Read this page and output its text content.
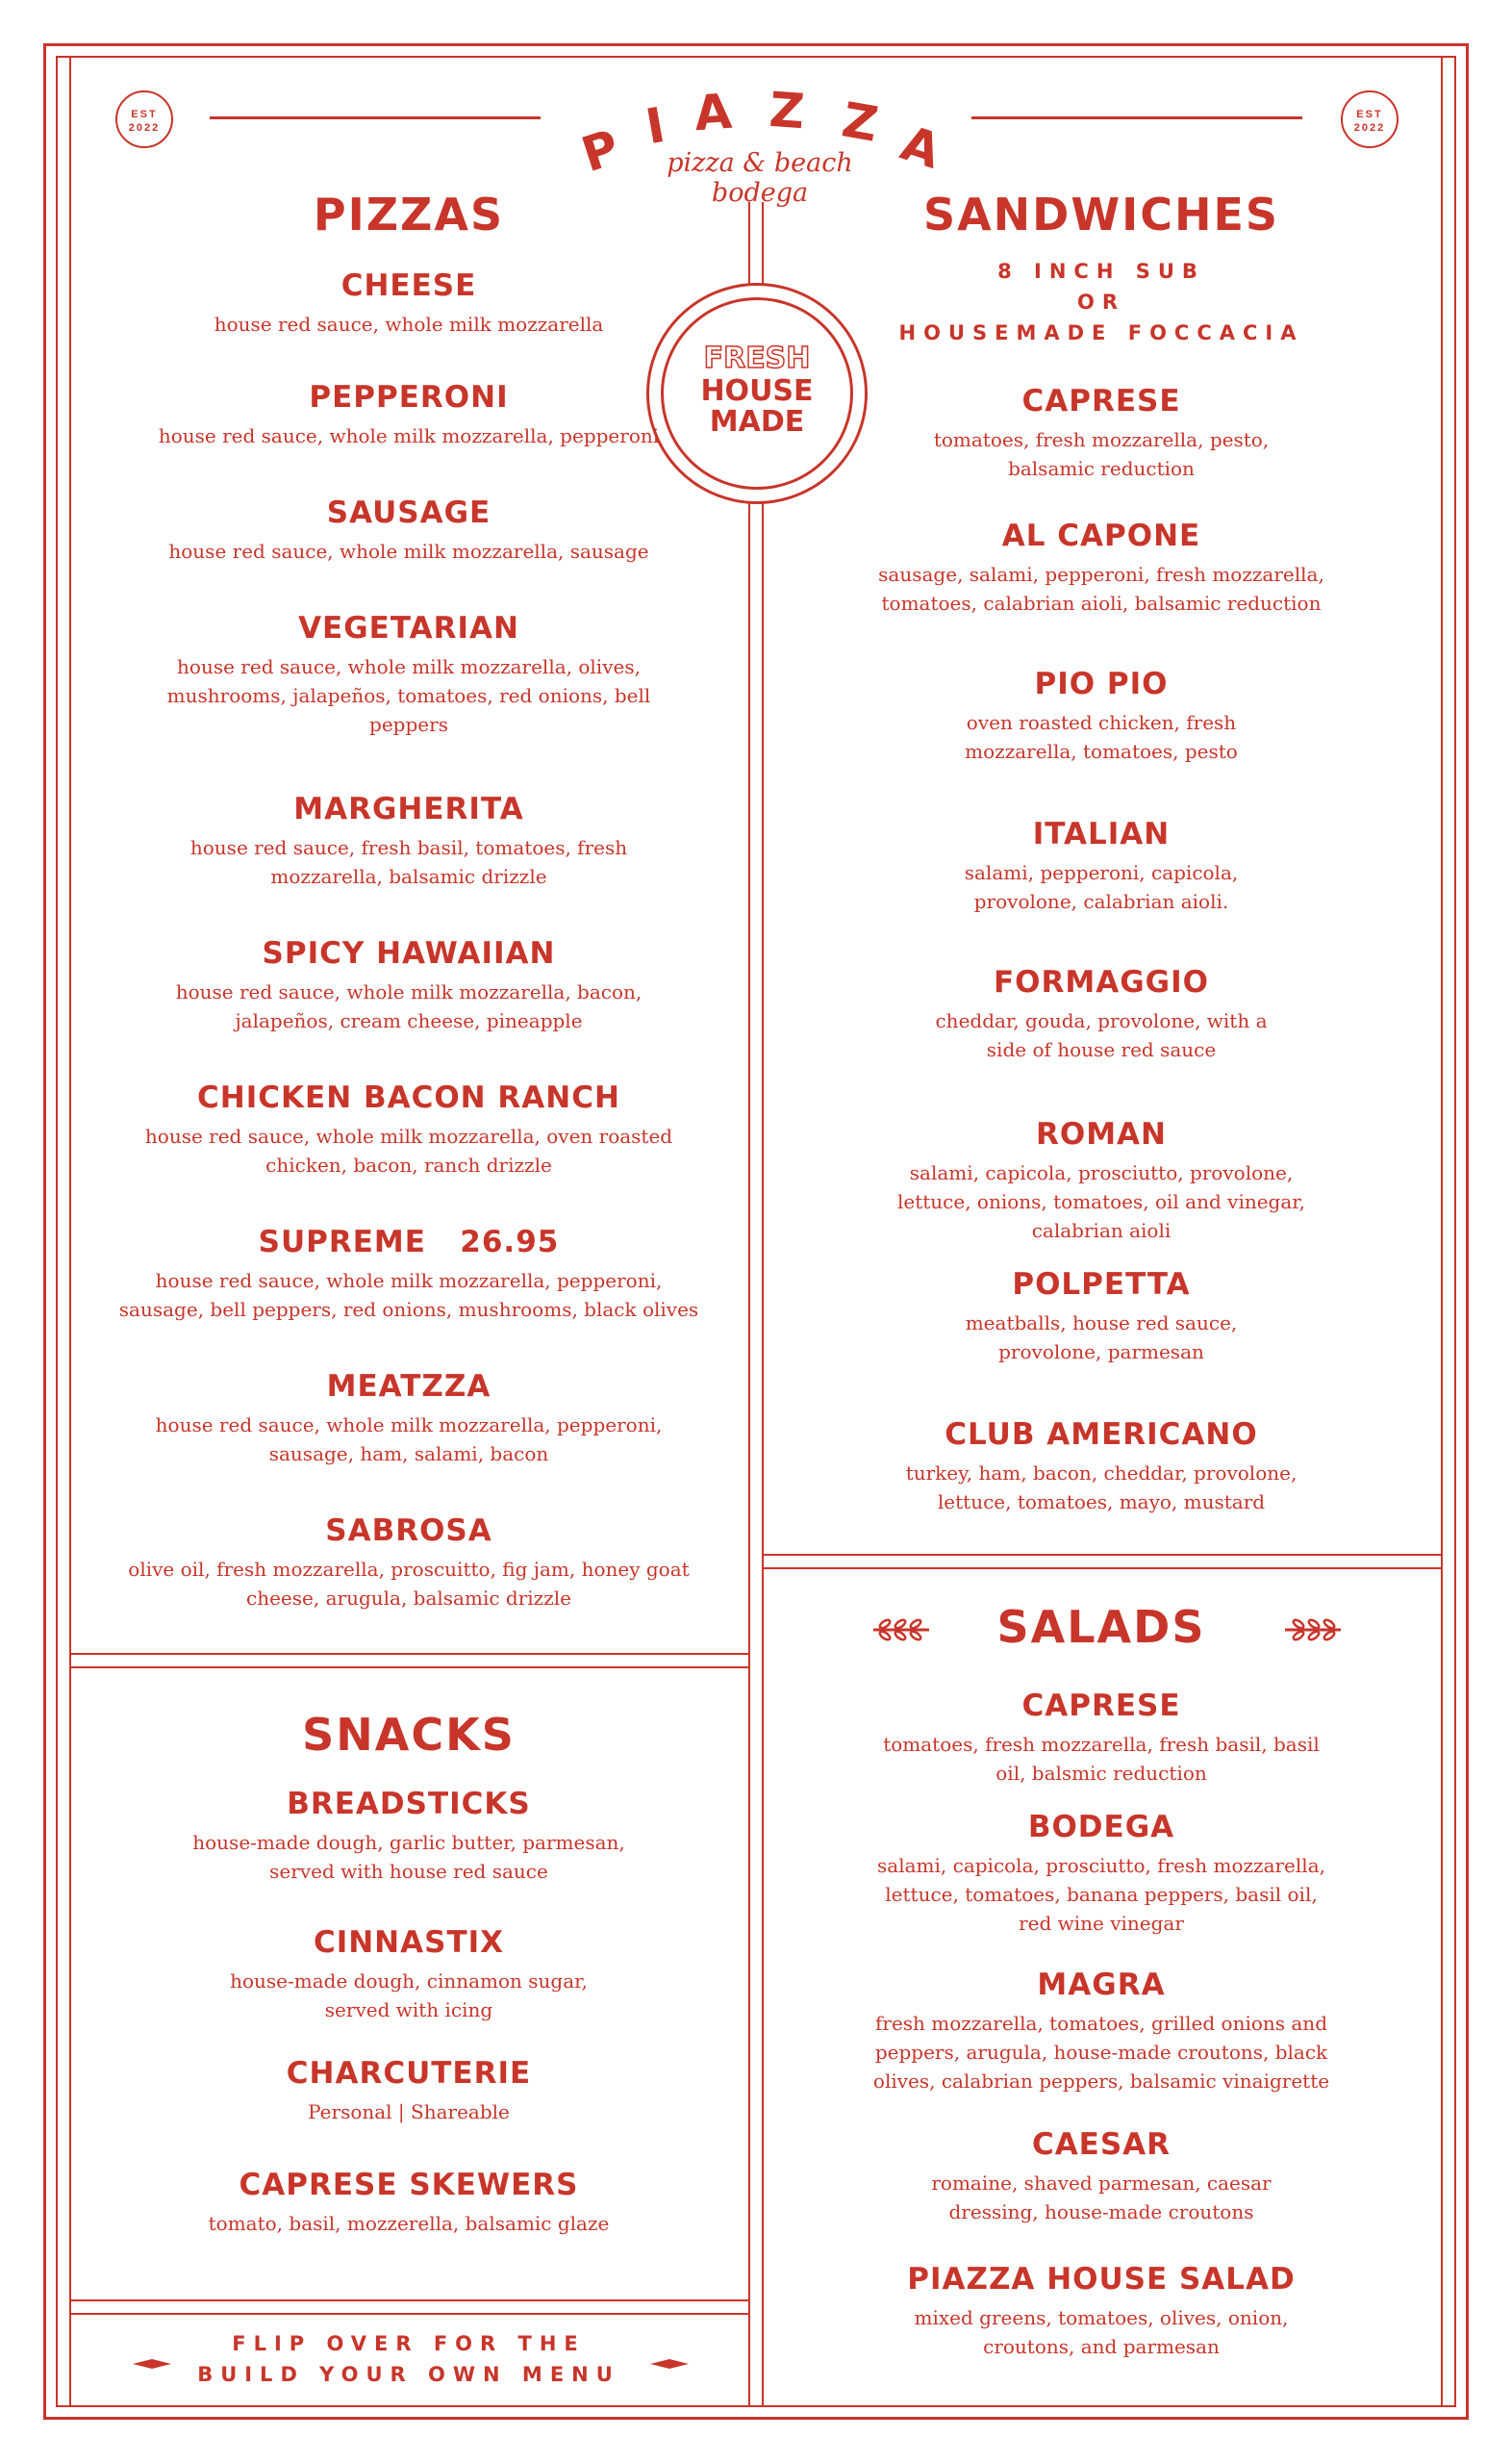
EST
2022
EST
2022
P I A Z Z A
pizza & beach bodega
FRESH
HOUSE
MADE
PIZZAS
CHEESE
house red sauce, whole milk mozzarella
PEPPERONI
house red sauce, whole milk mozzarella, pepperoni
SAUSAGE
house red sauce, whole milk mozzarella, sausage
VEGETARIAN
house red sauce, whole milk mozzarella, olives, mushrooms, jalapeños, tomatoes, red onions, bell peppers
MARGHERITA
house red sauce, fresh basil, tomatoes, fresh mozzarella, balsamic drizzle
SPICY HAWAIIAN
house red sauce, whole milk mozzarella, bacon, jalapeños, cream cheese, pineapple
CHICKEN BACON RANCH
house red sauce, whole milk mozzarella, oven roasted chicken, bacon, ranch drizzle
SUPREME   26.95
house red sauce, whole milk mozzarella, pepperoni, sausage, bell peppers, red onions, mushrooms, black olives
MEATZZA
house red sauce, whole milk mozzarella, pepperoni, sausage, ham, salami, bacon
SABROSA
olive oil, fresh mozzarella, proscuitto, fig jam, honey goat cheese, arugula, balsamic drizzle
SANDWICHES
8 INCH SUB
OR
HOUSEMADE FOCCACIA
CAPRESE
tomatoes, fresh mozzarella, pesto, balsamic reduction
AL CAPONE
sausage, salami, pepperoni, fresh mozzarella, tomatoes, calabrian aioli, balsamic reduction
PIO PIO
oven roasted chicken, fresh mozzarella, tomatoes, pesto
ITALIAN
salami, pepperoni, capicola, provolone, calabrian aioli.
FORMAGGIO
cheddar, gouda, provolone, with a side of house red sauce
ROMAN
salami, capicola, prosciutto, provolone, lettuce, onions, tomatoes, oil and vinegar, calabrian aioli
POLPETTA
meatballs, house red sauce, provolone, parmesan
CLUB AMERICANO
turkey, ham, bacon, cheddar, provolone, lettuce, tomatoes, mayo, mustard
SNACKS
BREADSTICKS
house-made dough, garlic butter, parmesan, served with house red sauce
CINNASTIX
house-made dough, cinnamon sugar, served with icing
CHARCUTERIE
Personal | Shareable
CAPRESE SKEWERS
tomato, basil, mozzerella, balsamic glaze
FLIP OVER FOR THE
BUILD YOUR OWN MENU
SALADS
CAPRESE
tomatoes, fresh mozzarella, fresh basil, basil oil, balsmic reduction
BODEGA
salami, capicola, prosciutto, fresh mozzarella, lettuce, tomatoes, banana peppers, basil oil, red wine vinegar
MAGRA
fresh mozzarella, tomatoes, grilled onions and peppers, arugula, house-made croutons, black olives, calabrian peppers, balsamic vinaigrette
CAESAR
romaine, shaved parmesan, caesar dressing, house-made croutons
PIAZZA HOUSE SALAD
mixed greens, tomatoes, olives, onion, croutons, and parmesan
